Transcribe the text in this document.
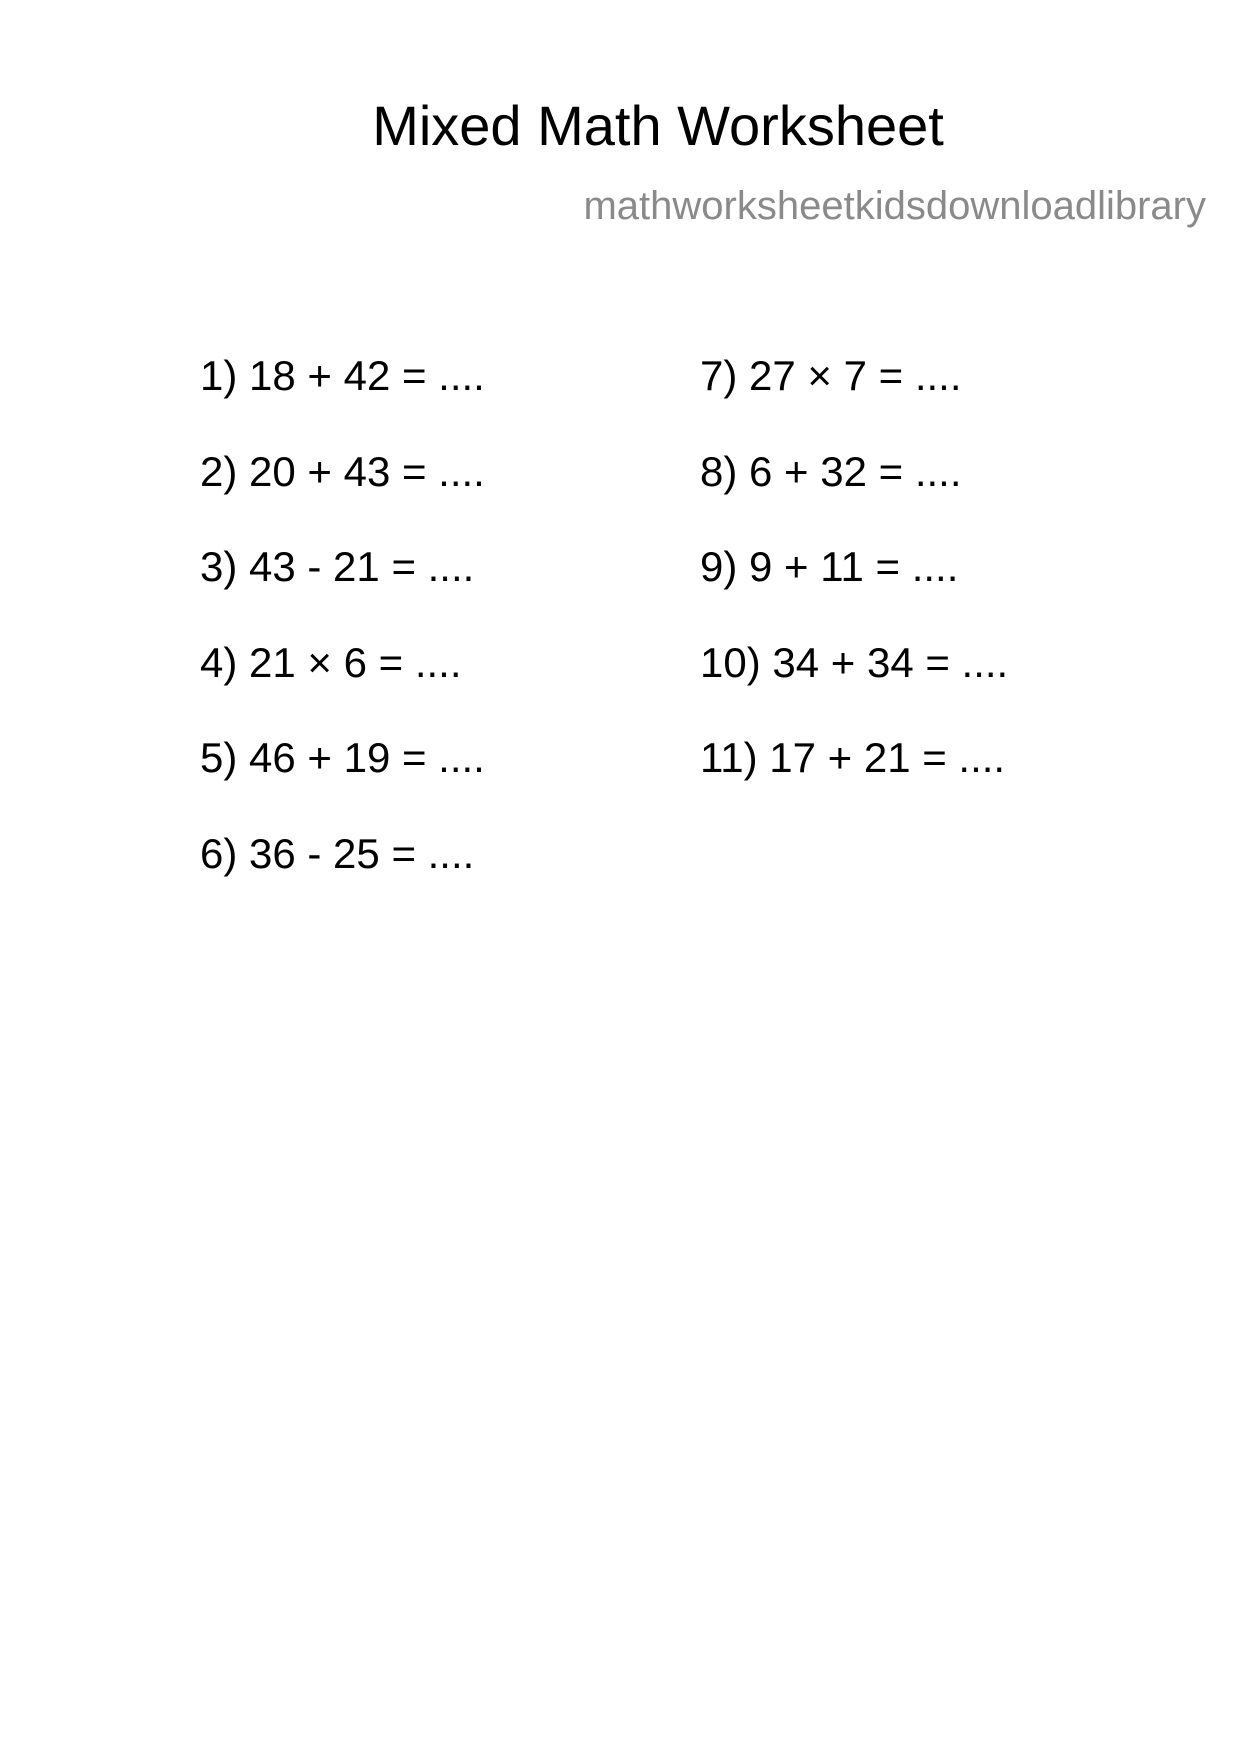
Mixed Math Worksheet
mathworksheetkidsdownloadlibrary
1) 18 + 42 = ....
2) 20 + 43 = ....
3) 43 - 21 = ....
4) 21 × 6 = ....
5) 46 + 19 = ....
6) 36 - 25 = ....
7) 27 × 7 = ....
8) 6 + 32 = ....
9) 9 + 11 = ....
10) 34 + 34 = ....
11) 17 + 21 = ....
